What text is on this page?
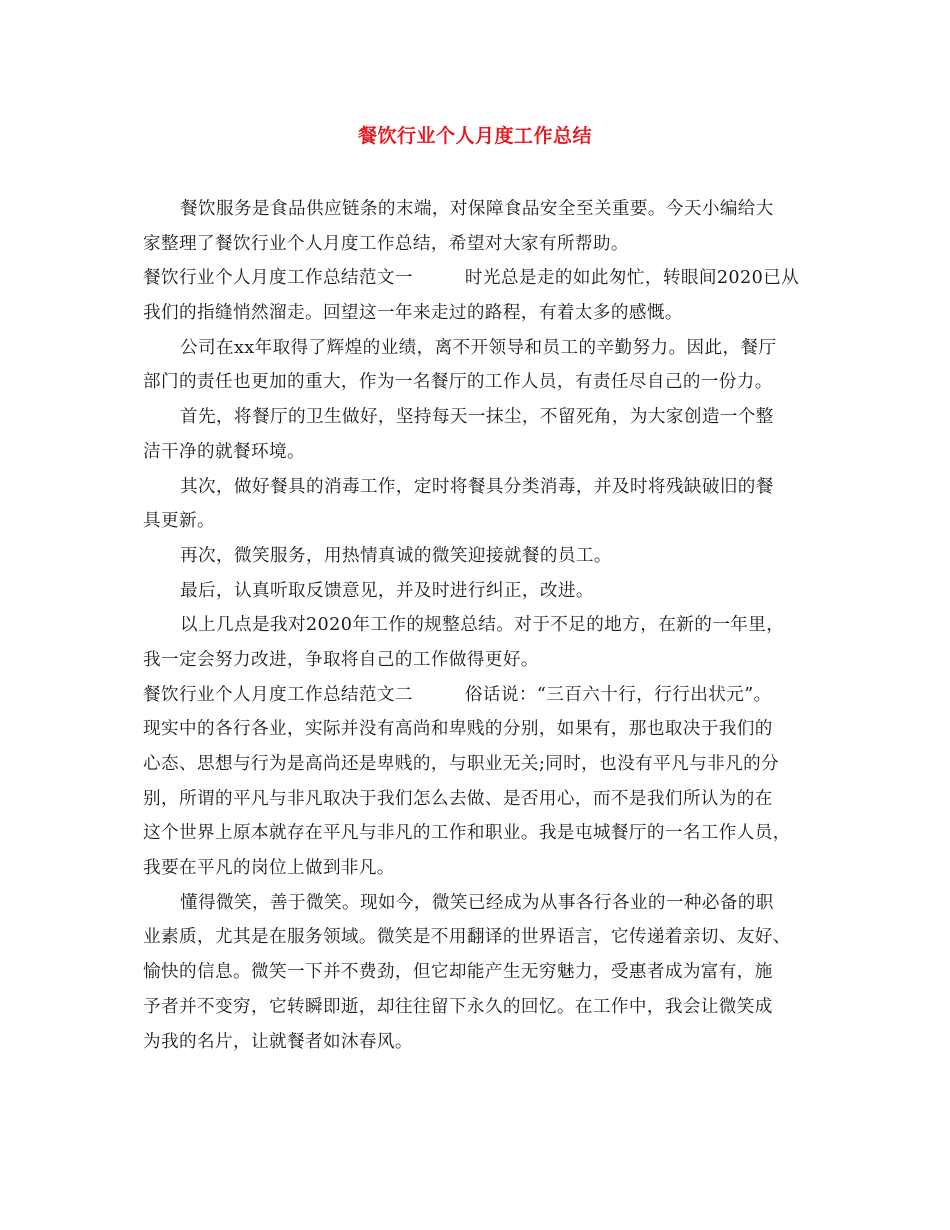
餐饮行业个人月度工作总结
餐饮服务是食品供应链条的末端，对保障食品安全至关重要。今天小编给大
家整理了餐饮行业个人月度工作总结，希望对大家有所帮助。
餐饮行业个人月度工作总结范文一	时光总是走的如此匆忙，转眼间2020已从
我们的指缝悄然溜走。回望这一年来走过的路程，有着太多的感慨。
公司在xx年取得了辉煌的业绩，离不开领导和员工的辛勤努力。因此，餐厅
部门的责任也更加的重大，作为一名餐厅的工作人员，有责任尽自己的一份力。
首先，将餐厅的卫生做好，坚持每天一抹尘，不留死角，为大家创造一个整
洁干净的就餐环境。
其次，做好餐具的消毒工作，定时将餐具分类消毒，并及时将残缺破旧的餐
具更新。
再次，微笑服务，用热情真诚的微笑迎接就餐的员工。
最后，认真听取反馈意见，并及时进行纠正，改进。
以上几点是我对2020年工作的规整总结。对于不足的地方，在新的一年里，
我一定会努力改进，争取将自己的工作做得更好。
餐饮行业个人月度工作总结范文二	俗话说：“三百六十行，行行出状元”。
现实中的各行各业，实际并没有高尚和卑贱的分别，如果有，那也取决于我们的
心态、思想与行为是高尚还是卑贱的，与职业无关;同时，也没有平凡与非凡的分
别，所谓的平凡与非凡取决于我们怎么去做、是否用心，而不是我们所认为的在
这个世界上原本就存在平凡与非凡的工作和职业。我是屯城餐厅的一名工作人员，
我要在平凡的岗位上做到非凡。
懂得微笑，善于微笑。现如今，微笑已经成为从事各行各业的一种必备的职
业素质，尤其是在服务领域。微笑是不用翻译的世界语言，它传递着亲切、友好、
愉快的信息。微笑一下并不费劲，但它却能产生无穷魅力，受惠者成为富有，施
予者并不变穷，它转瞬即逝，却往往留下永久的回忆。在工作中，我会让微笑成
为我的名片，让就餐者如沐春风。
